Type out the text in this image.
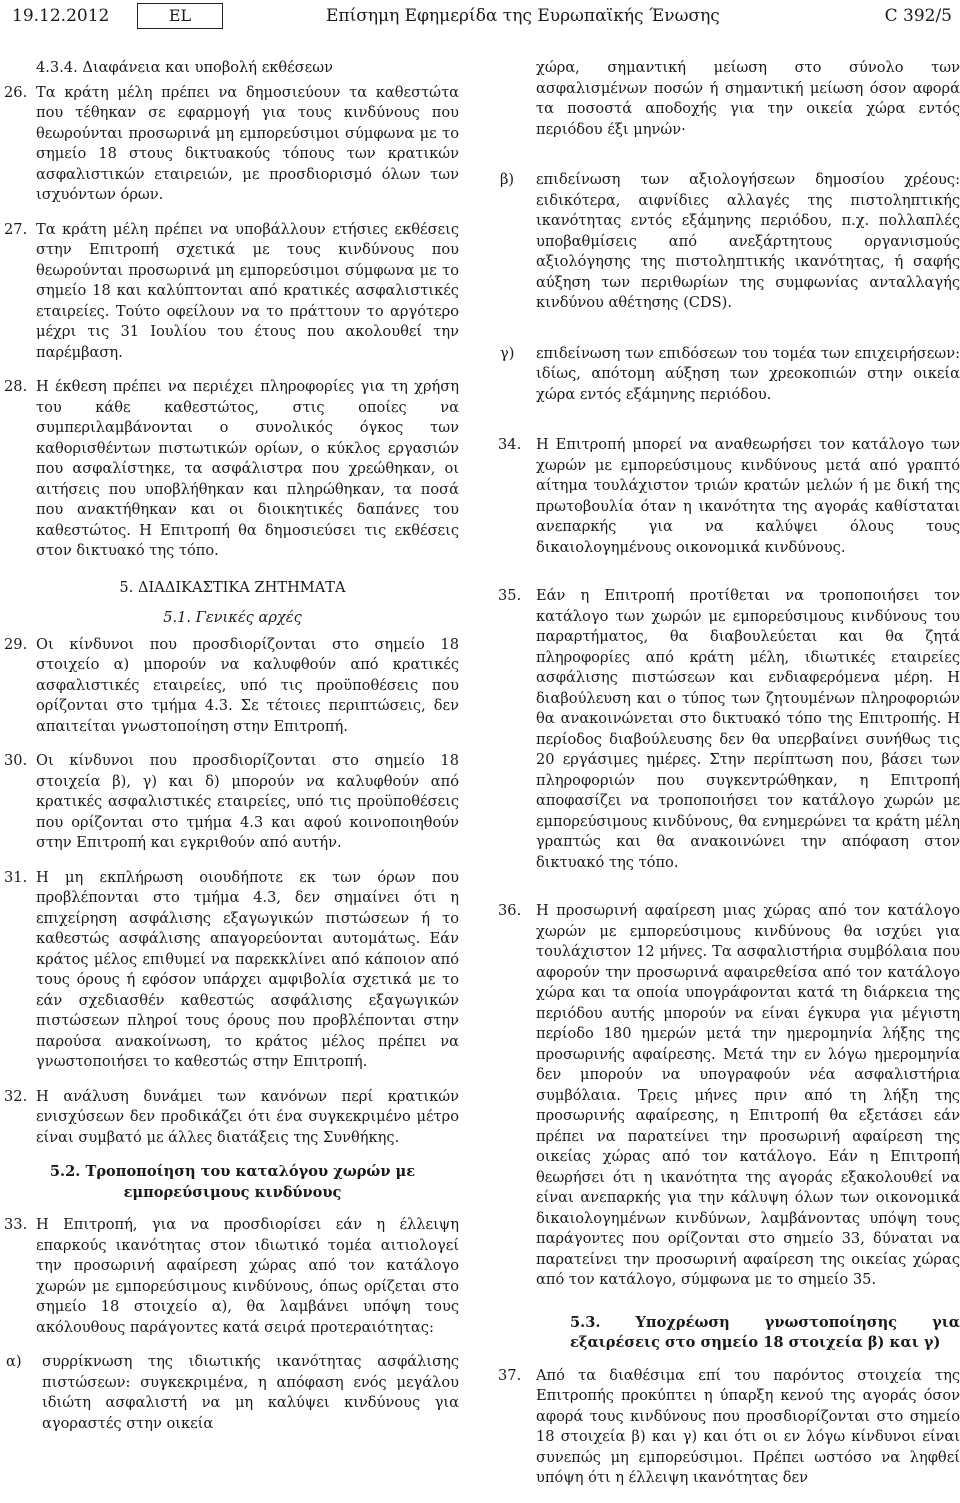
19.12.2012	EL	Επίσημη Εφημερίδα της Ευρωπαϊκής Ένωσης	C 392/5

4.3.4. Διαφάνεια και υποβολή εκθέσεων

26. Τα κράτη μέλη πρέπει να δημοσιεύουν τα καθεστώτα που τέθηκαν σε εφαρμογή για τους κινδύνους που θεωρούνται προσωρινά μη εμπορεύσιμοι σύμφωνα με το σημείο 18 στους δικτυακούς τόπους των κρατικών ασφαλιστικών εταιρειών, με προσδιορισμό όλων των ισχυόντων όρων.
27. Τα κράτη μέλη πρέπει να υποβάλλουν ετήσιες εκθέσεις στην Επιτροπή σχετικά με τους κινδύνους που θεωρούνται προσωρινά μη εμπορεύσιμοι σύμφωνα με το σημείο 18 και καλύπτονται από κρατικές ασφαλιστικές εταιρείες. Τούτο οφείλουν να το πράττουν το αργότερο μέχρι τις 31 Ιουλίου του έτους που ακολουθεί την παρέμβαση.
28. Η έκθεση πρέπει να περιέχει πληροφορίες για τη χρήση του κάθε καθεστώτος, στις οποίες να συμπεριλαμβάνονται ο συνολικός όγκος των καθορισθέντων πιστωτικών ορίων, ο κύκλος εργασιών που ασφαλίστηκε, τα ασφάλιστρα που χρεώθηκαν, οι αιτήσεις που υποβλήθηκαν και πληρώθηκαν, τα ποσά που ανακτήθηκαν και οι διοικητικές δαπάνες του καθεστώτος. Η Επιτροπή θα δημοσιεύσει τις εκθέσεις στον δικτυακό της τόπο.

5. ΔΙΑΔΙΚΑΣΤΙΚΑ ΖΗΤΗΜΑΤΑ

5.1. Γενικές αρχές

29. Οι κίνδυνοι που προσδιορίζονται στο σημείο 18 στοιχείο α) μπορούν να καλυφθούν από κρατικές ασφαλιστικές εταιρείες, υπό τις προϋποθέσεις που ορίζονται στο τμήμα 4.3. Σε τέτοιες περιπτώσεις, δεν απαιτείται γνωστοποίηση στην Επιτροπή.
30. Οι κίνδυνοι που προσδιορίζονται στο σημείο 18 στοιχεία β), γ) και δ) μπορούν να καλυφθούν από κρατικές ασφαλιστικές εταιρείες, υπό τις προϋποθέσεις που ορίζονται στο τμήμα 4.3 και αφού κοινοποιηθούν στην Επιτροπή και εγκριθούν από αυτήν.
31. Η μη εκπλήρωση οιουδήποτε εκ των όρων που προβλέπονται στο τμήμα 4.3, δεν σημαίνει ότι η επιχείρηση ασφάλισης εξαγωγικών πιστώσεων ή το καθεστώς ασφάλισης απαγορεύονται αυτομάτως. Εάν κράτος μέλος επιθυμεί να παρεκκλίνει από κάποιον από τους όρους ή εφόσον υπάρχει αμφιβολία σχετικά με το εάν σχεδιασθέν καθεστώς ασφάλισης εξαγωγικών πιστώσεων πληροί τους όρους που προβλέπονται στην παρούσα ανακοίνωση, το κράτος μέλος πρέπει να γνωστοποιήσει το καθεστώς στην Επιτροπή.
32. Η ανάλυση δυνάμει των κανόνων περί κρατικών ενισχύσεων δεν προδικάζει ότι ένα συγκεκριμένο μέτρο είναι συμβατό με άλλες διατάξεις της Συνθήκης.

5.2. Τροποποίηση του καταλόγου χωρών με εμπορεύσιμους κινδύνους

33. Η Επιτροπή, για να προσδιορίσει εάν η έλλειψη επαρκούς ικανότητας στον ιδιωτικό τομέα αιτιολογεί την προσωρινή αφαίρεση χώρας από τον κατάλογο χωρών με εμπορεύσιμους κινδύνους, όπως ορίζεται στο σημείο 18 στοιχείο α), θα λαμβάνει υπόψη τους ακόλουθους παράγοντες κατά σειρά προτεραιότητας:
α)	συρρίκνωση της ιδιωτικής ικανότητας ασφάλισης πιστώσεων: συγκεκριμένα, η απόφαση ενός μεγάλου ιδιώτη ασφαλιστή να μη καλύψει κινδύνους για αγοραστές στην οικεία
χώρα, σημαντική μείωση στο σύνολο των ασφαλισμένων ποσών ή σημαντική μείωση όσον αφορά τα ποσοστά αποδοχής για την οικεία χώρα εντός περιόδου έξι μηνών·
β)	επιδείνωση των αξιολογήσεων δημοσίου χρέους: ειδικότερα, αιφνίδιες αλλαγές της πιστοληπτικής ικανότητας εντός εξάμηνης περιόδου, π.χ. πολλαπλές υποβαθμίσεις από ανεξάρτητους οργανισμούς αξιολόγησης της πιστοληπτικής ικανότητας, ή σαφής αύξηση των περιθωρίων της συμφωνίας ανταλλαγής κινδύνου αθέτησης (CDS).
γ)	επιδείνωση των επιδόσεων του τομέα των επιχειρήσεων: ιδίως, απότομη αύξηση των χρεοκοπιών στην οικεία χώρα εντός εξάμηνης περιόδου.
34.	Η Επιτροπή μπορεί να αναθεωρήσει τον κατάλογο των χωρών με εμπορεύσιμους κινδύνους μετά από γραπτό αίτημα τουλάχιστον τριών κρατών μελών ή με δική της πρωτοβουλία όταν η ικανότητα της αγοράς καθίσταται ανεπαρκής για να καλύψει όλους τους δικαιολογημένους οικονομικά κινδύνους.
35.	Εάν η Επιτροπή προτίθεται να τροποποιήσει τον κατάλογο των χωρών με εμπορεύσιμους κινδύνους του παραρτήματος, θα διαβουλεύεται και θα ζητά πληροφορίες από κράτη μέλη, ιδιωτικές εταιρείες ασφάλισης πιστώσεων και ενδιαφερόμενα μέρη. Η διαβούλευση και ο τύπος των ζητουμένων πληροφοριών θα ανακοινώνεται στο δικτυακό τόπο της Επιτροπής. Η περίοδος διαβούλευσης δεν θα υπερβαίνει συνήθως τις 20 εργάσιμες ημέρες. Στην περίπτωση που, βάσει των πληροφοριών που συγκεντρώθηκαν, η Επιτροπή αποφασίζει να τροποποιήσει τον κατάλογο χωρών με εμπορεύσιμους κινδύνους, θα ενημερώνει τα κράτη μέλη γραπτώς και θα ανακοινώνει την απόφαση στον δικτυακό της τόπο.
36.	Η προσωρινή αφαίρεση μιας χώρας από τον κατάλογο χωρών με εμπορεύσιμους κινδύνους θα ισχύει για τουλάχιστον 12 μήνες. Τα ασφαλιστήρια συμβόλαια που αφορούν την προσωρινά αφαιρεθείσα από τον κατάλογο χώρα και τα οποία υπογράφονται κατά τη διάρκεια της περιόδου αυτής μπορούν να είναι έγκυρα για μέγιστη περίοδο 180 ημερών μετά την ημερομηνία λήξης της προσωρινής αφαίρεσης. Μετά την εν λόγω ημερομηνία δεν μπορούν να υπογραφούν νέα ασφαλιστήρια συμβόλαια. Τρεις μήνες πριν από τη λήξη της προσωρινής αφαίρεσης, η Επιτροπή θα εξετάσει εάν πρέπει να παρατείνει την προσωρινή αφαίρεση της οικείας χώρας από τον κατάλογο. Εάν η Επιτροπή θεωρήσει ότι η ικανότητα της αγοράς εξακολουθεί να είναι ανεπαρκής για την κάλυψη όλων των οικονομικά δικαιολογημένων κινδύνων, λαμβάνοντας υπόψη τους παράγοντες που ορίζονται στο σημείο 33, δύναται να παρατείνει την προσωρινή αφαίρεση της οικείας χώρας από τον κατάλογο, σύμφωνα με το σημείο 35.

5.3. Υποχρέωση γνωστοποίησης για εξαιρέσεις στο σημείο 18 στοιχεία β) και γ)

37.	Από τα διαθέσιμα επί του παρόντος στοιχεία της Επιτροπής προκύπτει η ύπαρξη κενού της αγοράς όσον αφορά τους κινδύνους που προσδιορίζονται στο σημείο 18 στοιχεία β) και γ) και ότι οι εν λόγω κίνδυνοι είναι συνεπώς μη εμπορεύσιμοι. Πρέπει ωστόσο να ληφθεί υπόψη ότι η έλλειψη ικανότητας δεν
